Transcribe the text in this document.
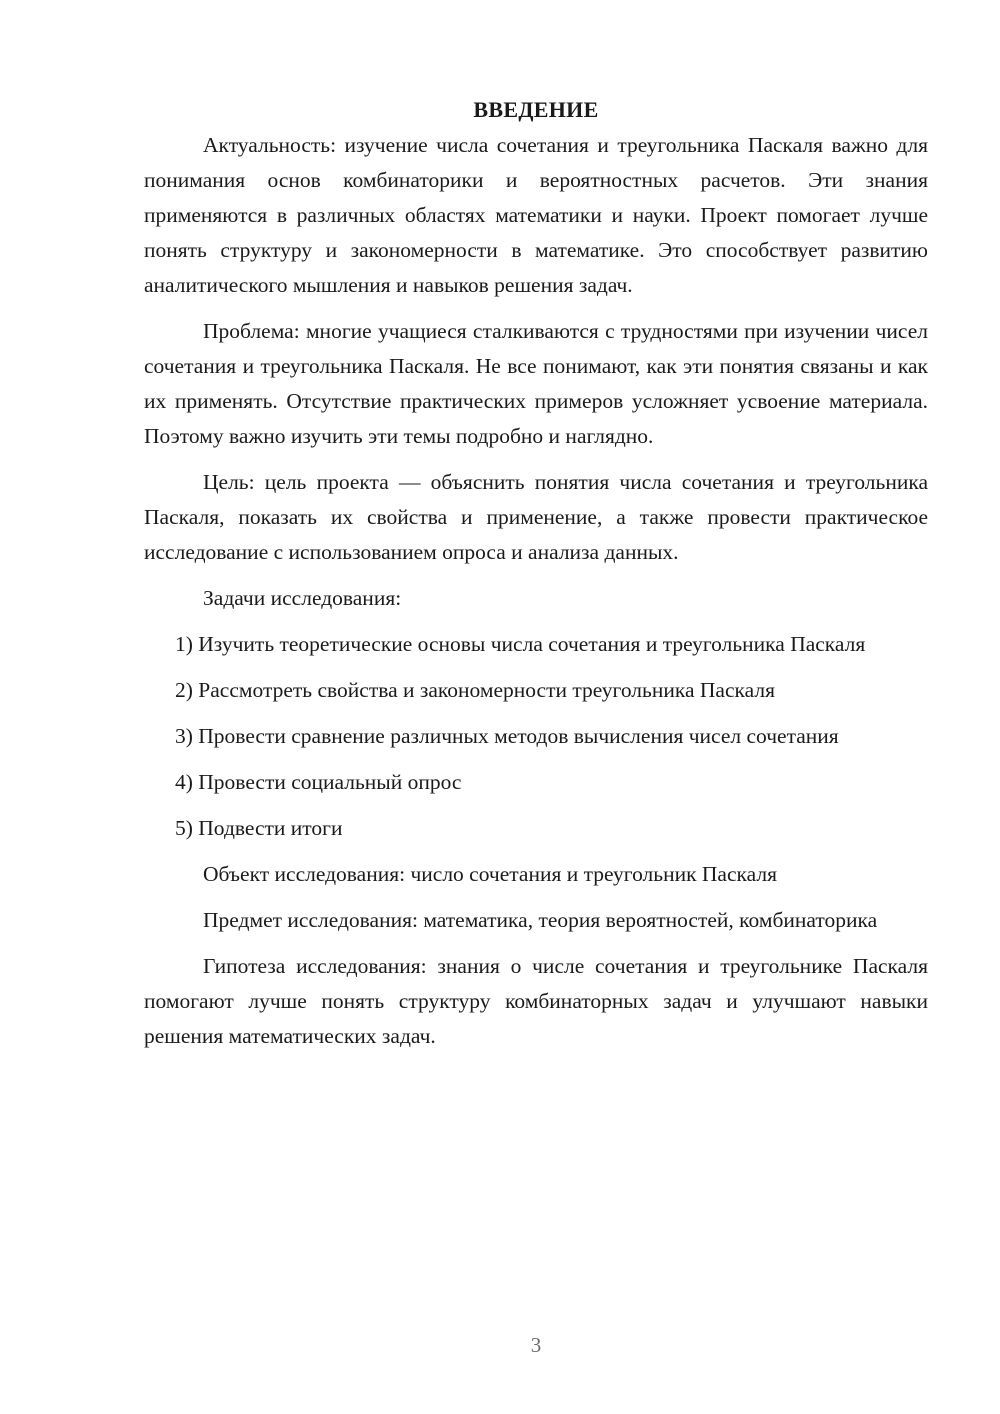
ВВЕДЕНИЕ

Актуальность: изучение числа сочетания и треугольника Паскаля важно для понимания основ комбинаторики и вероятностных расчетов. Эти знания применяются в различных областях математики и науки. Проект помогает лучше понять структуру и закономерности в математике. Это способствует развитию аналитического мышления и навыков решения задач.

Проблема: многие учащиеся сталкиваются с трудностями при изучении чисел сочетания и треугольника Паскаля. Не все понимают, как эти понятия связаны и как их применять. Отсутствие практических примеров усложняет усвоение материала. Поэтому важно изучить эти темы подробно и наглядно.

Цель: цель проекта — объяснить понятия числа сочетания и треугольника Паскаля, показать их свойства и применение, а также провести практическое исследование с использованием опроса и анализа данных.

Задачи исследования:

1) Изучить теоретические основы числа сочетания и треугольника Паскаля

2) Рассмотреть свойства и закономерности треугольника Паскаля

3) Провести сравнение различных методов вычисления чисел сочетания

4) Провести социальный опрос

5) Подвести итоги

Объект исследования: число сочетания и треугольник Паскаля

Предмет исследования: математика, теория вероятностей, комбинаторика

Гипотеза исследования: знания о числе сочетания и треугольнике Паскаля помогают лучше понять структуру комбинаторных задач и улучшают навыки решения математических задач.

3
